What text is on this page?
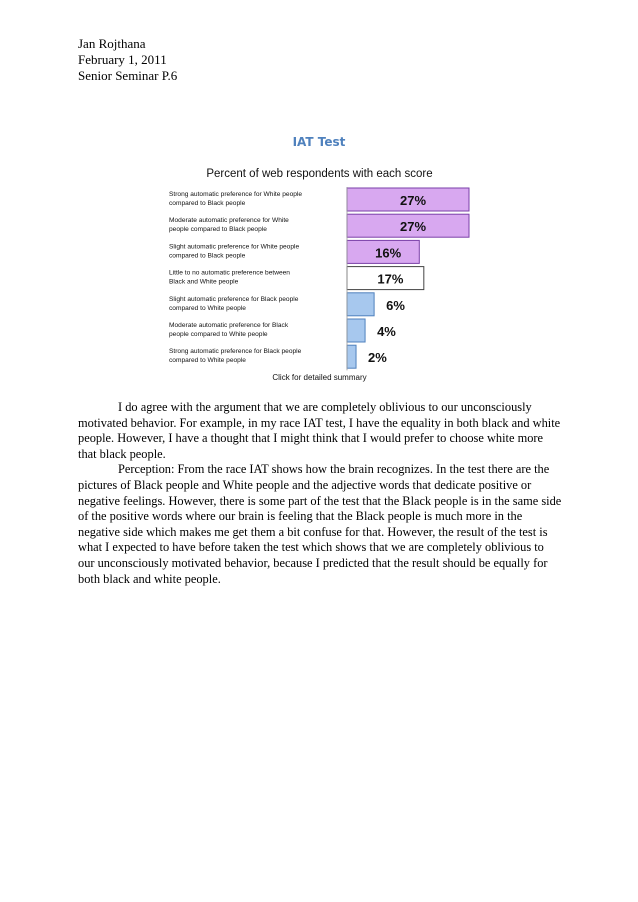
Jan Rojthana
February 1, 2011
Senior Seminar P.6
IAT Test
Percent of web respondents with each score
Strong automatic preference for White people
compared to Black people	27%
Moderate automatic preference for White
people compared to Black people	27%
Slight automatic preference for White people
compared to Black people	16%
Little to no automatic preference between
Black and White people	17%
Slight automatic preference for Black people
compared to White people	6%
Moderate automatic preference for Black
people compared to White people	4%
Strong automatic preference for Black people
compared to White people	2%
Click for detailed summary

I do agree with the argument that we are completely oblivious to our unconsciously motivated behavior. For example, in my race IAT test, I have the equality in both black and white people. However, I have a thought that I might think that I would prefer to choose white more that black people.

Perception: From the race IAT shows how the brain recognizes. In the test there are the pictures of Black people and White people and the adjective words that dedicate positive or negative feelings. However, there is some part of the test that the Black people is in the same side of the positive words where our brain is feeling that the Black people is much more in the negative side which makes me get them a bit confuse for that. However, the result of the test is what I expected to have before taken the test which shows that we are completely oblivious to our unconsciously motivated behavior, because I predicted that the result should be equally for both black and white people.
